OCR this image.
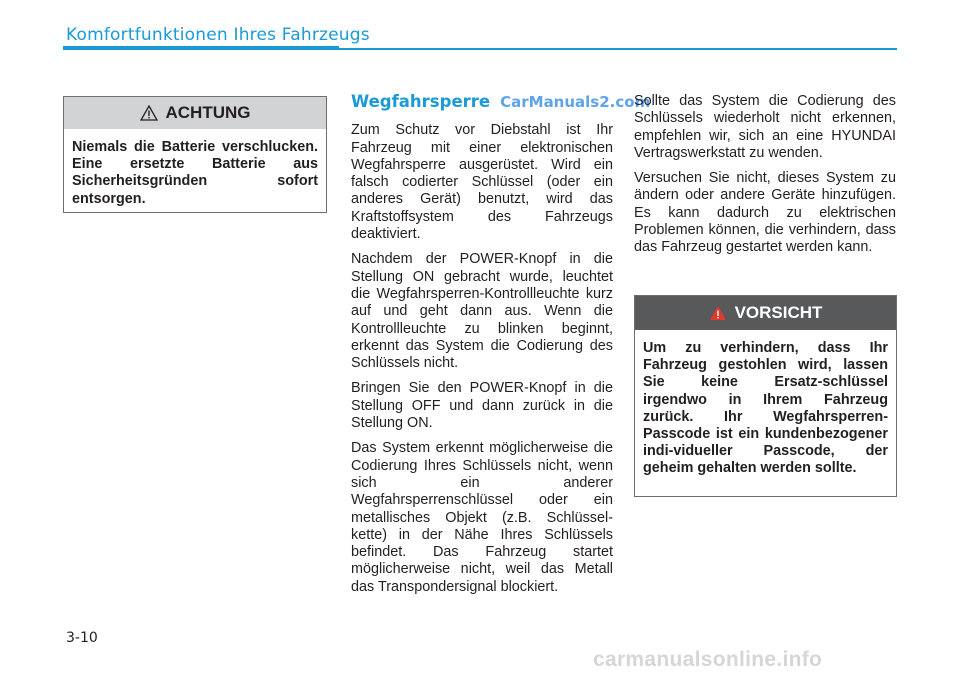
Komfortfunktionen Ihres Fahrzeugs
ACHTUNG
Niemals die Batterie verschlucken. Eine ersetzte Batterie aus Sicherheitsgründen sofort entsorgen.
Wegfahrsperre CarManuals2.com

Zum Schutz vor Diebstahl ist Ihr Fahrzeug mit einer elektronischen Wegfahrsperre ausgerüstet. Wird ein falsch codierter Schlüssel (oder ein anderes Gerät) benutzt, wird das Kraftstoffsystem des Fahrzeugs deaktiviert.

Nachdem der POWER-Knopf in die Stellung ON gebracht wurde, leuchtet die Wegfahrsperren-Kontrollleuchte kurz auf und geht dann aus. Wenn die Kontrollleuchte zu blinken beginnt, erkennt das System die Codierung des Schlüssels nicht.

Bringen Sie den POWER-Knopf in die Stellung OFF und dann zurück in die Stellung ON.

Das System erkennt möglicherweise die Codierung Ihres Schlüssels nicht, wenn sich ein anderer Wegfahrsperrenschlüssel oder ein metallisches Objekt (z.B. Schlüssel-kette) in der Nähe Ihres Schlüssels befindet. Das Fahrzeug startet möglicherweise nicht, weil das Metall das Transpondersignal blockiert.

Sollte das System die Codierung des Schlüssels wiederholt nicht erkennen, empfehlen wir, sich an eine HYUNDAI Vertragswerkstatt zu wenden.

Versuchen Sie nicht, dieses System zu ändern oder andere Geräte hinzufügen. Es kann dadurch zu elektrischen Problemen können, die verhindern, dass das Fahrzeug gestartet werden kann.

VORSICHT
Um zu verhindern, dass Ihr Fahrzeug gestohlen wird, lassen Sie keine Ersatz-schlüssel irgendwo in Ihrem Fahrzeug zurück. Ihr Wegfahrsperren-Passcode ist ein kundenbezogener indi-vidueller Passcode, der geheim gehalten werden sollte.
3-10
carmanualsonline.info
